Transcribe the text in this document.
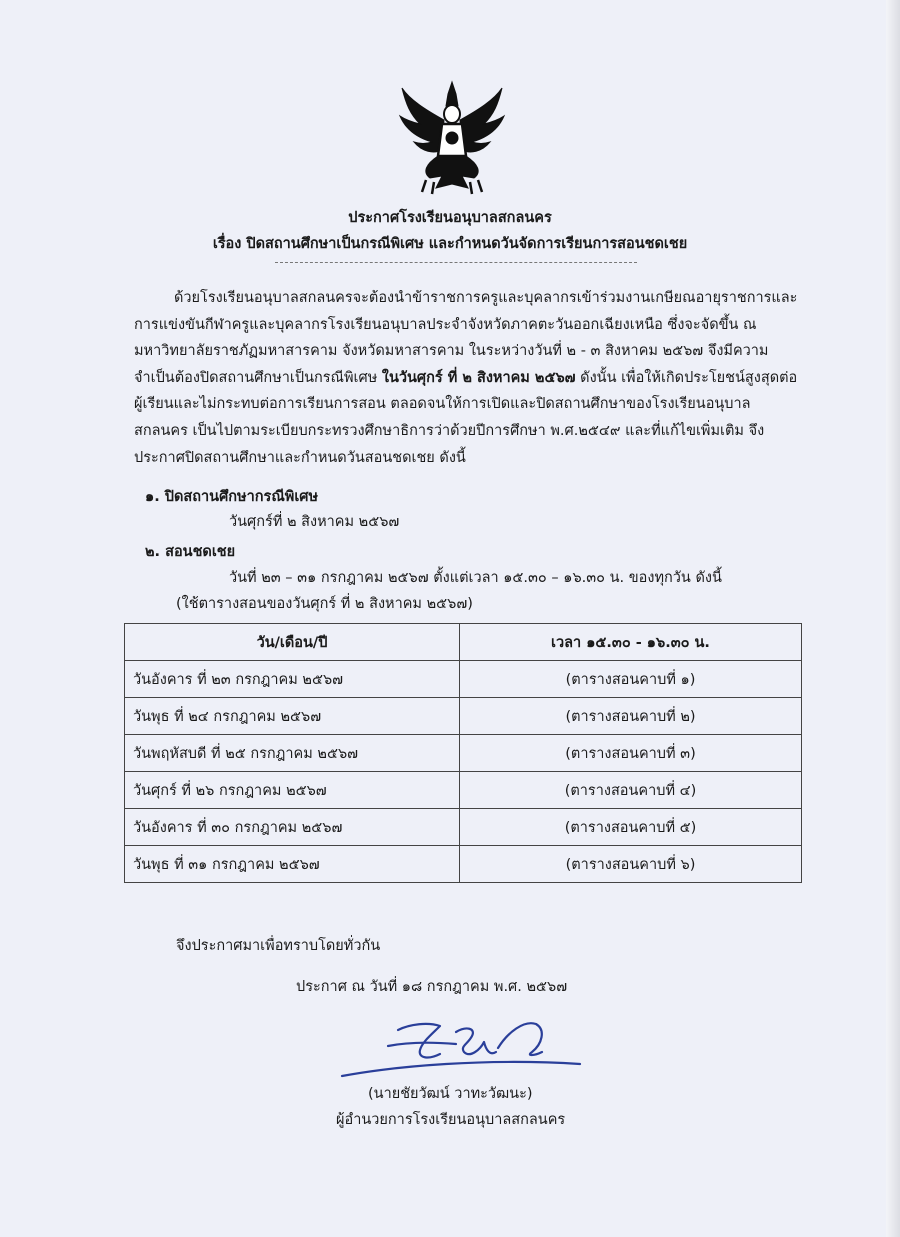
ประกาศโรงเรียนอนุบาลสกลนคร
เรื่อง ปิดสถานศึกษาเป็นกรณีพิเศษ และกำหนดวันจัดการเรียนการสอนชดเชย

ด้วยโรงเรียนอนุบาลสกลนครจะต้องนำข้าราชการครูและบุคลากรเข้าร่วมงานเกษียณอายุราชการและการแข่งขันกีฬาครูและบุคลากรโรงเรียนอนุบาลประจำจังหวัดภาคตะวันออกเฉียงเหนือ ซึ่งจะจัดขึ้น ณ มหาวิทยาลัยราชภัฏมหาสารคาม จังหวัดมหาสารคาม ในระหว่างวันที่ ๒ - ๓ สิงหาคม ๒๕๖๗ จึงมีความจำเป็นต้องปิดสถานศึกษาเป็นกรณีพิเศษ ในวันศุกร์ ที่ ๒ สิงหาคม ๒๕๖๗ ดังนั้น เพื่อให้เกิดประโยชน์สูงสุดต่อผู้เรียนและไม่กระทบต่อการเรียนการสอน ตลอดจนให้การเปิดและปิดสถานศึกษาของโรงเรียนอนุบาลสกลนคร เป็นไปตามระเบียบกระทรวงศึกษาธิการว่าด้วยปีการศึกษา พ.ศ.๒๕๔๙ และที่แก้ไขเพิ่มเติม จึงประกาศปิดสถานศึกษาและกำหนดวันสอนชดเชย ดังนี้

๑. ปิดสถานศึกษากรณีพิเศษ
วันศุกร์ที่ ๒ สิงหาคม ๒๕๖๗
๒. สอนชดเชย
วันที่ ๒๓ – ๓๑ กรกฎาคม ๒๕๖๗ ตั้งแต่เวลา ๑๕.๓๐ – ๑๖.๓๐ น. ของทุกวัน ดังนี้
(ใช้ตารางสอนของวันศุกร์ ที่ ๒ สิงหาคม ๒๕๖๗)
วัน/เดือน/ปี	เวลา ๑๕.๓๐ - ๑๖.๓๐ น.
วันอังคาร ที่ ๒๓ กรกฎาคม ๒๕๖๗	(ตารางสอนคาบที่ ๑)
วันพุธ ที่ ๒๔ กรกฎาคม ๒๕๖๗	(ตารางสอนคาบที่ ๒)
วันพฤหัสบดี ที่ ๒๕ กรกฎาคม ๒๕๖๗	(ตารางสอนคาบที่ ๓)
วันศุกร์ ที่ ๒๖ กรกฎาคม ๒๕๖๗	(ตารางสอนคาบที่ ๔)
วันอังคาร ที่ ๓๐ กรกฎาคม ๒๕๖๗	(ตารางสอนคาบที่ ๕)
วันพุธ ที่ ๓๑ กรกฎาคม ๒๕๖๗	(ตารางสอนคาบที่ ๖)
จึงประกาศมาเพื่อทราบโดยทั่วกัน
ประกาศ ณ วันที่ ๑๘ กรกฎาคม พ.ศ. ๒๕๖๗
(นายชัยวัฒน์ วาทะวัฒนะ)
ผู้อำนวยการโรงเรียนอนุบาลสกลนคร
